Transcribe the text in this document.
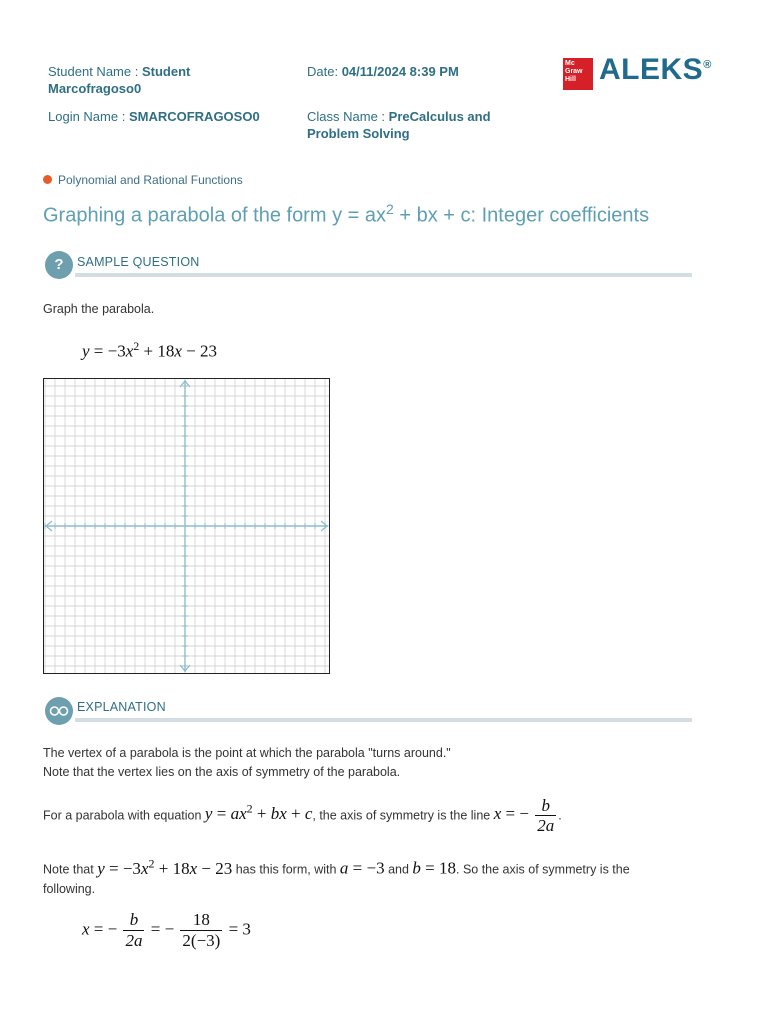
Student Name : Student
Marcofragoso0
Date: 04/11/2024 8:39 PM
Login Name : SMARCOFRAGOSO0	Class Name : PreCalculus and
Problem Solving
Mc
Graw
Hill ALEKS®
Polynomial and Rational Functions
Graphing a parabola of the form $y = ax^2$ + bx + c: Integer coefficients
?	SAMPLE QUESTION
Graph the parabola.
$y = -3x^2 + 18x - 23$
EXPLANATION
The vertex of a parabola is the point at which the parabola "turns around."
Note that the vertex lies on the axis of symmetry of the parabola.
For a parabola with equation $y = ax^2$ + bx + c, the axis of symmetry is the line x = − $\frac{b}{2a}$ .
Note that $y = -3x^2 + 18x - 23$ has this form, with a = −3 and b = 18. So the axis of symmetry is the
following.
x = − $\frac{b}{2a}$ = − $\frac{18}{2(-3)} = 3$
